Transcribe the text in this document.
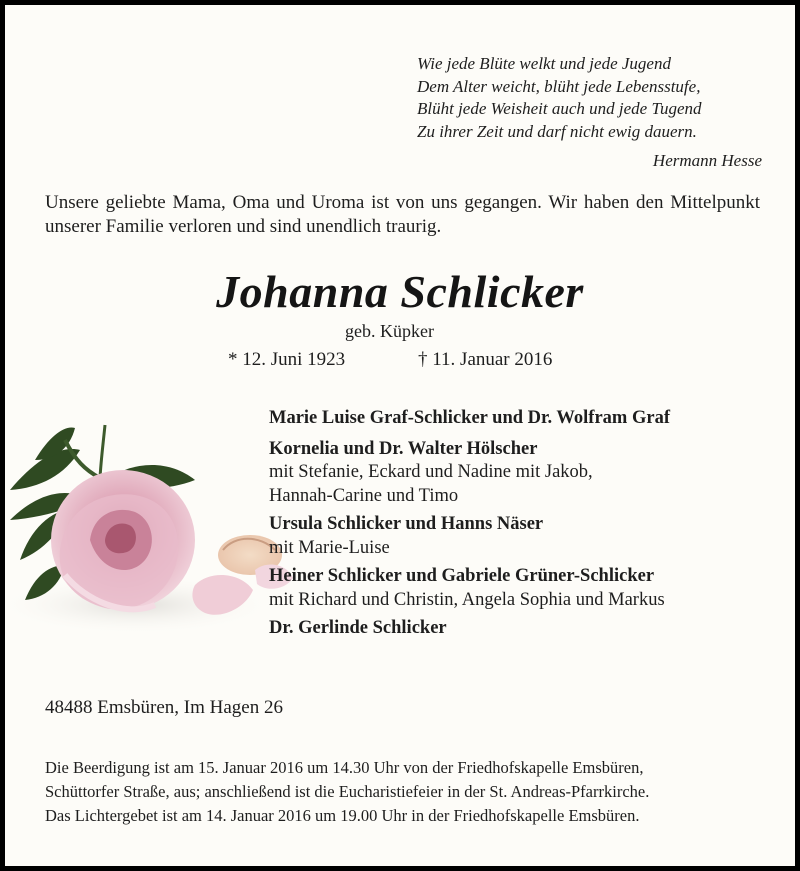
Wie jede Blüte welkt und jede Jugend
Dem Alter weicht, blüht jede Lebensstufe,
Blüht jede Weisheit auch und jede Tugend
Zu ihrer Zeit und darf nicht ewig dauern.
Hermann Hesse
Unsere geliebte Mama, Oma und Uroma ist von uns gegangen. Wir haben den Mittelpunkt unserer Familie verloren und sind unendlich traurig.
Johanna Schlicker
geb. Küpker
* 12. Juni 1923	† 11. Januar 2016
Marie Luise Graf-Schlicker und Dr. Wolfram Graf
Kornelia und Dr. Walter Hölscher
mit Stefanie, Eckard und Nadine mit Jakob,
Hannah-Carine und Timo
Ursula Schlicker und Hanns Näser
mit Marie-Luise
Heiner Schlicker und Gabriele Grüner-Schlicker
mit Richard und Christin, Angela Sophia und Markus
Dr. Gerlinde Schlicker
48488 Emsbüren, Im Hagen 26
Die Beerdigung ist am 15. Januar 2016 um 14.30 Uhr von der Friedhofskapelle Emsbüren,
Schüttorfer Straße, aus; anschließend ist die Eucharistiefeier in der St. Andreas-Pfarrkirche.
Das Lichtergebet ist am 14. Januar 2016 um 19.00 Uhr in der Friedhofskapelle Emsbüren.
